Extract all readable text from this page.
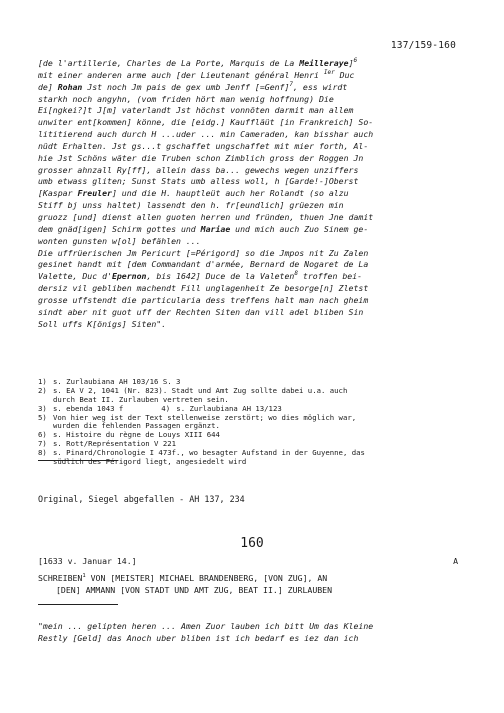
137/159-160
[de l'artillerie, Charles de La Porte, Marquis de La Meilleraye]$^6$
mit einer anderen arme auch [der Lieutenant général Henri $^{Ier}$ Duc
de] Rohan Jst noch Jm pais de gex umb Jenff [=Genf]$^7$, ess wirdt
starkh noch angyhn, (vom friden hört man wenig hoffnung) Die
Ei[ngkei?]t J[m] vaterlandt Jst höchst vonnöten darmit man allem
unwiter ent[kommen] könne, die [eidg.] Kauffläüt [in Frankreich] So-
lititierend auch durch H ...uder ... min Cameraden, kan bisshar auch
nüdt Erhalten. Jst gs...t gschaffet ungschaffet mit mier forth, Al-
hie Jst Schöns wäter die Truben schon Zimblich gross der Roggen Jn
grosser ahnzall Ry[ff], allein dass ba... gewechs wegen unziffers
umb etwass gliten; Sunst Stats umb alless woll, h [Garde!-]Oberst
[Kaspar Freuler] und die H. hauptleüt auch her Rolandt (so alzu
Stiff bj unss haltet) lassendt den h. fr[eundlich] grüezen min
gruozz [und] dienst allen guoten herren und fründen, thuen Jne damit
dem gnäd[igen] Schirm gottes und Mariae und mich auch Zuo Sinem ge-
wonten gunsten w[ol] befählen ...
Die uffrüerischen Jm Pericurt [=Périgord] so die Jmpos nit Zu Zalen
gesinet handt mit [dem Commandant d'armée, Bernard de Nogaret de La
Valette, Duc d'Epernon, bis 1642] Duce de la Valeten$^8$ troffen bei-
dersiz vil gebliben machendt Fill unglagenheit Ze besorge[n] Zletst
grosse uffstendt die particularia dess treffens halt man nach gheim
sindt aber nit guot uff der Rechten Siten dan vill adel bliben Sin
Soll uffs K[önigs] Siten".
1) s. Zurlaubiana AH 103/16 S. 3
2) s. EA V 2, 1041 (Nr. 823). Stadt und Amt Zug sollte dabei u.a. auch
durch Beat II. Zurlauben vertreten sein.
3) s. ebenda 1043 f	4) s. Zurlaubiana AH 13/123
5) Von hier weg ist der Text stellenweise zerstört; wo dies möglich war,
wurden die fehlenden Passagen ergänzt.
6) s. Histoire du règne de Louys XIII 644
7) s. Rott/Représentation V 221
8) s. Pinard/Chronologie I 473f., wo besagter Aufstand in der Guyenne, das
südlich des Périgord liegt, angesiedelt wird
Original, Siegel abgefallen - AH 137, 234
160
[1633 v. Januar 14.]	A
SCHREIBEN$^1$ VON [MEISTER] MICHAEL BRANDENBERG, [VON ZUG], AN
[DEN] AMMANN [VON STADT UND AMT ZUG, BEAT II.] ZURLAUBEN
"mein ... gelipten heren ... Amen Zuor lauben ich bitt Um das Kleine
Restly [Geld] das Anoch uber bliben ist ich bedarf es iez dan ich
